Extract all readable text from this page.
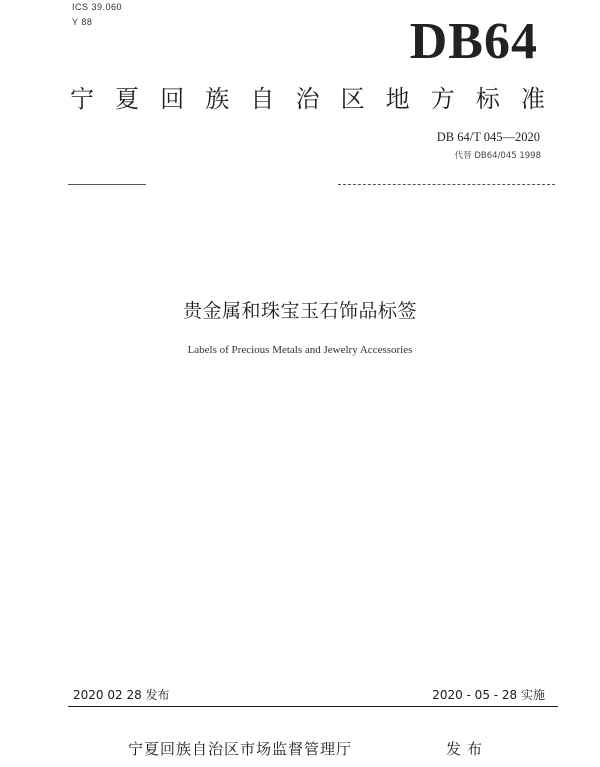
ICS 39.060
Y 88	DB64
宁 夏 回 族 自 治 区 地 方 标 准
DB 64/T 045—2020
代替 DB64/045 1998
贵金属和珠宝玉石饰品标签
Labels of Precious Metals and Jewelry Accessories
2020 02 28 发布	2020 - 05 - 28 实施
宁夏回族自治区市场监督管理厅	发布
